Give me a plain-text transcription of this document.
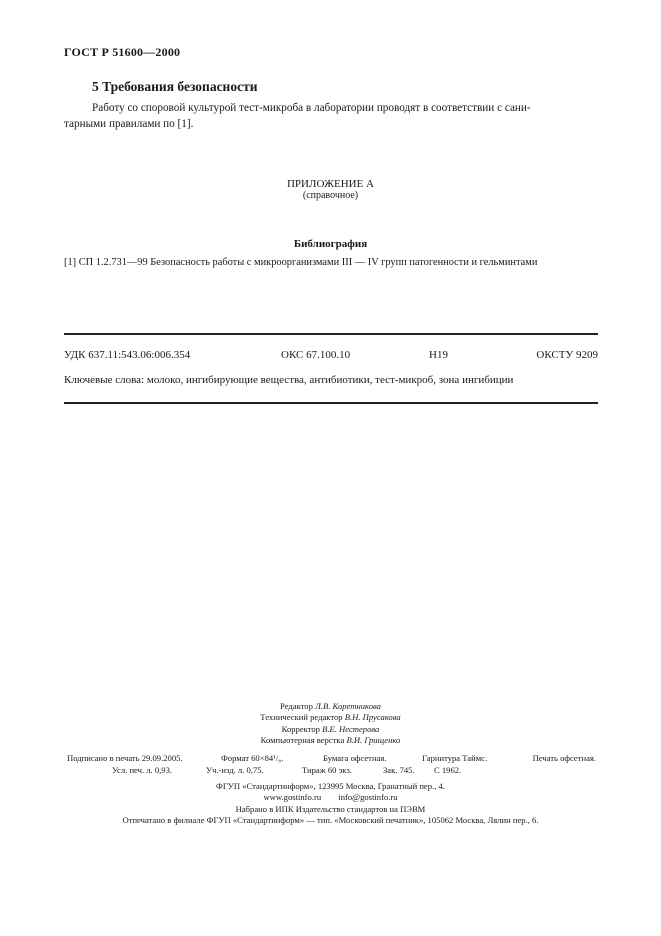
ГОСТ Р 51600—2000
5 Требования безопасности
Работу со споровой культурой тест-микроба в лаборатории проводят в соответствии с сани-
тарными правилами по [1].
ПРИЛОЖЕНИЕ А
(справочное)
Библиография
[1] СП 1.2.731—99 Безопасность работы с микроорганизмами III — IV групп патогенности и гельминтами
УДК 637.11:543.06:006.354	ОКС 67.100.10	Н19	ОКСТУ 9209
Ключевые слова: молоко, ингибирующие вещества, антибиотики, тест-микроб, зона ингибиции
Редактор Л.В. Коретникова
Технический редактор В.Н. Прусакова
Корректор В.Е. Нестерова
Компьютерная верстка В.И. Грищенко
Подписано в печать 29.09.2005.	Формат 60×84¹/₈.	Бумага офсетная.	Гарнитура Таймс.	Печать офсетная.
Усл. печ. л. 0,93.	Уч.-изд. л. 0,75.	Тираж 60 экз.	Зак. 745. С 1962.
ФГУП «Стандартинформ», 123995 Москва, Гранатный пер., 4.
www.gostinfo.ru info@gostinfo.ru
Набрано в ИПК Издательство стандартов на ПЭВМ
Отпечатано в филиале ФГУП «Стандартинформ» — тип. «Московский печатник», 105062 Москва, Лялин пер., 6.
